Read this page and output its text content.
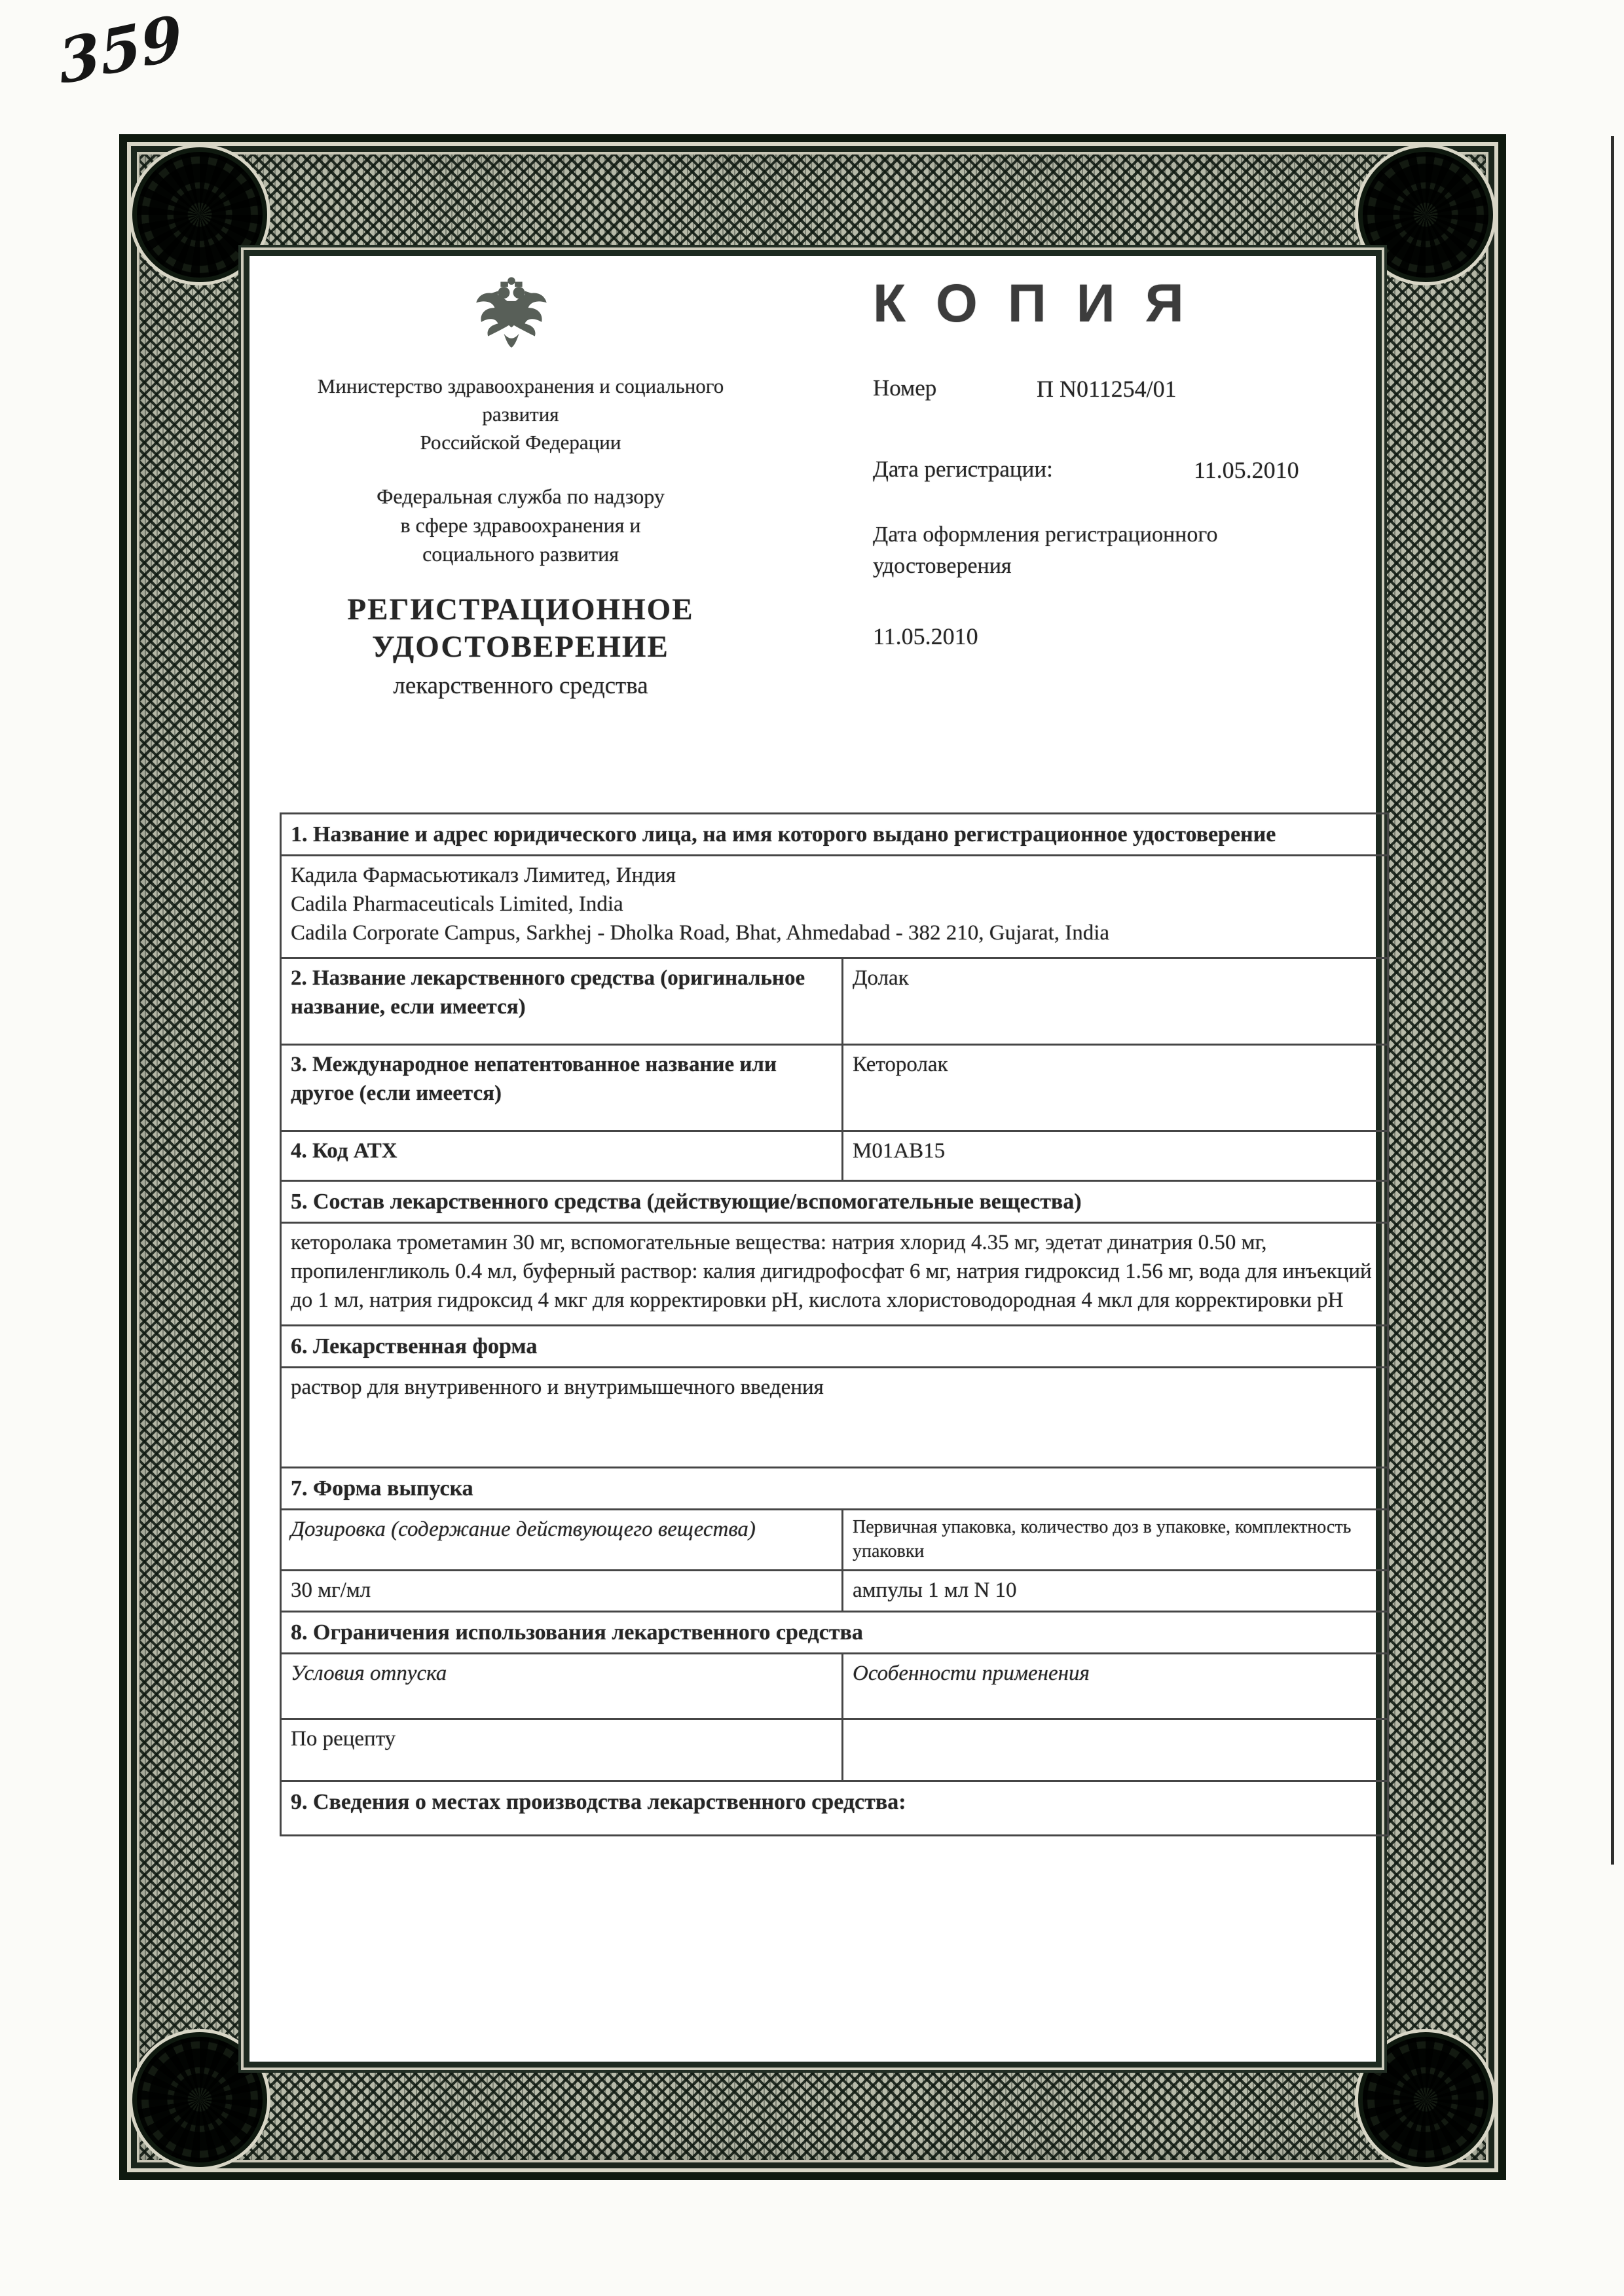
359
Министерство здравоохранения и социального
развития
Российской Федерации
Федеральная служба по надзору
в сфере здравоохранения и
социального развития
РЕГИСТРАЦИОННОЕ
УДОСТОВЕРЕНИЕ
лекарственного средства
КОПИЯ
Номер	П N011254/01
Дата регистрации:	11.05.2010
Дата оформления регистрационного удостоверения
11.05.2010
1. Название и адрес юридического лица, на имя которого выдано регистрационное удостоверение
Кадила Фармасьютикалз Лимитед, Индия
Cadila Pharmaceuticals Limited, India
Cadila Corporate Campus, Sarkhej - Dholka Road, Bhat, Ahmedabad - 382 210, Gujarat, India
2. Название лекарственного средства (оригинальное название, если имеется)
Долак
3. Международное непатентованное название или другое (если имеется)
Кеторолак
4. Код АТХ	M01AB15
5. Состав лекарственного средства (действующие/вспомогательные вещества)
кеторолака трометамин 30 мг, вспомогательные вещества: натрия хлорид 4.35 мг, эдетат динатрия 0.50 мг, пропиленгликоль 0.4 мл, буферный раствор: калия дигидрофосфат 6 мг, натрия гидроксид 1.56 мг, вода для инъекций до 1 мл, натрия гидроксид 4 мкг для корректировки pH, кислота хлористоводородная 4 мкл для корректировки pH
6. Лекарственная форма
раствор для внутривенного и внутримышечного введения
7. Форма выпуска
Дозировка (содержание действующего вещества)	Первичная упаковка, количество доз в упаковке, комплектность упаковки
30 мг/мл	ампулы 1 мл N 10
8. Ограничения использования лекарственного средства
Условия отпуска	Особенности применения
По рецепту
9. Сведения о местах производства лекарственного средства:
